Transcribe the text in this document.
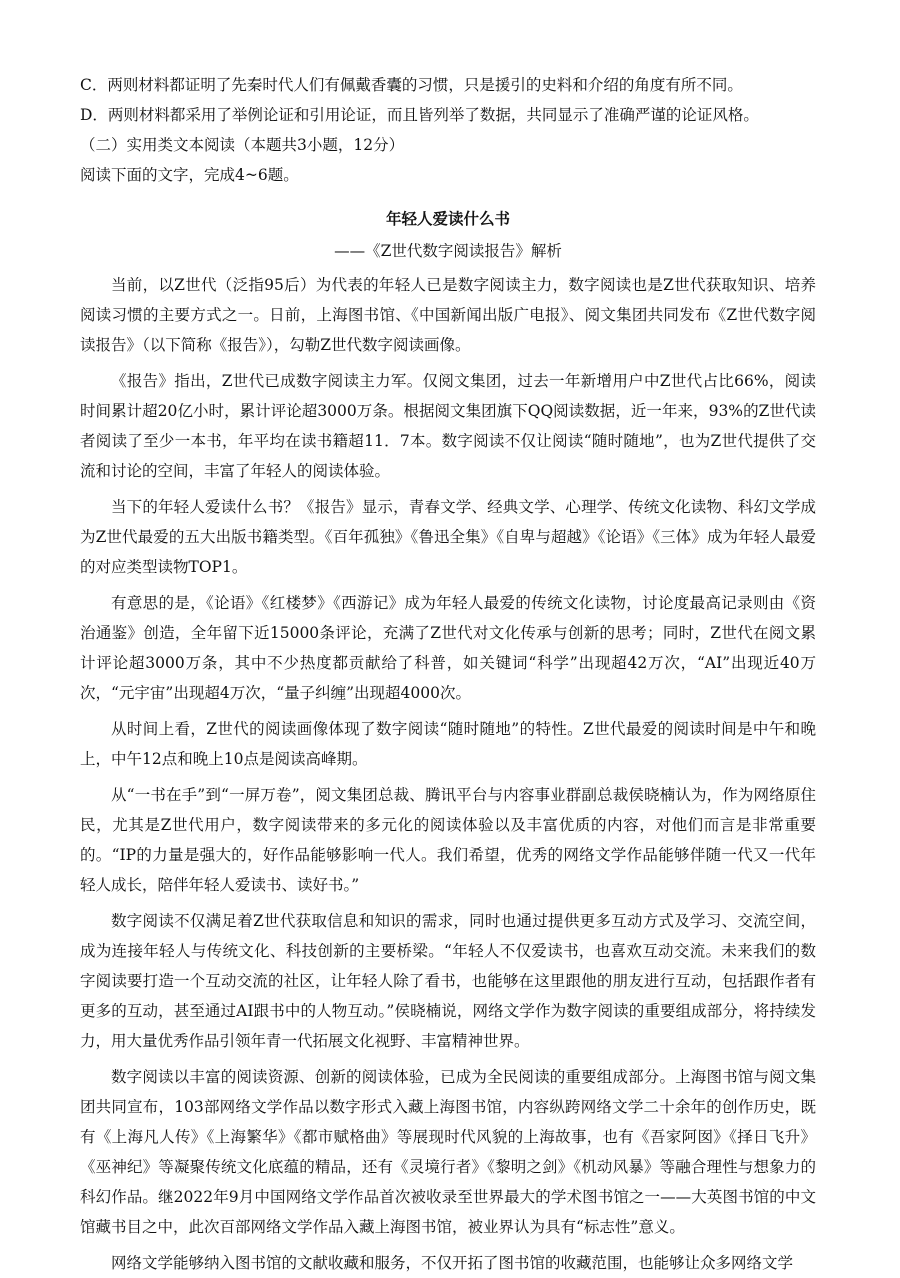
C．两则材料都证明了先秦时代人们有佩戴香囊的习惯，只是援引的史料和介绍的角度有所不同。

D．两则材料都采用了举例论证和引用论证，而且皆列举了数据，共同显示了准确严谨的论证风格。

（二）实用类文本阅读（本题共3小题，12分）

阅读下面的文字，完成4~6题。

年轻人爱读什么书

——《Z世代数字阅读报告》解析

当前，以Z世代（泛指95后）为代表的年轻人已是数字阅读主力，数字阅读也是Z世代获取知识、培养阅读习惯的主要方式之一。日前，上海图书馆、《中国新闻出版广电报》、阅文集团共同发布《Z世代数字阅读报告》（以下简称《报告》），勾勒Z世代数字阅读画像。

《报告》指出，Z世代已成数字阅读主力军。仅阅文集团，过去一年新增用户中Z世代占比66%，阅读时间累计超20亿小时，累计评论超3000万条。根据阅文集团旗下QQ阅读数据，近一年来，93%的Z世代读者阅读了至少一本书，年平均在读书籍超11．7本。数字阅读不仅让阅读“随时随地”，也为Z世代提供了交流和讨论的空间，丰富了年轻人的阅读体验。

当下的年轻人爱读什么书？《报告》显示，青春文学、经典文学、心理学、传统文化读物、科幻文学成为Z世代最爱的五大出版书籍类型。《百年孤独》《鲁迅全集》《自卑与超越》《论语》《三体》成为年轻人最爱的对应类型读物TOP1。

有意思的是，《论语》《红楼梦》《西游记》成为年轻人最爱的传统文化读物，讨论度最高记录则由《资治通鉴》创造，全年留下近15000条评论，充满了Z世代对文化传承与创新的思考；同时，Z世代在阅文累计评论超3000万条，其中不少热度都贡献给了科普，如关键词“科学”出现超42万次，“AI”出现近40万次，“元宇宙”出现超4万次，“量子纠缠”出现超4000次。

从时间上看，Z世代的阅读画像体现了数字阅读“随时随地”的特性。Z世代最爱的阅读时间是中午和晚上，中午12点和晚上10点是阅读高峰期。

从“一书在手”到“一屏万卷”，阅文集团总裁、腾讯平台与内容事业群副总裁侯晓楠认为，作为网络原住民，尤其是Z世代用户，数字阅读带来的多元化的阅读体验以及丰富优质的内容，对他们而言是非常重要的。“IP的力量是强大的，好作品能够影响一代人。我们希望，优秀的网络文学作品能够伴随一代又一代年轻人成长，陪伴年轻人爱读书、读好书。”

数字阅读不仅满足着Z世代获取信息和知识的需求，同时也通过提供更多互动方式及学习、交流空间，成为连接年轻人与传统文化、科技创新的主要桥梁。“年轻人不仅爱读书，也喜欢互动交流。未来我们的数字阅读要打造一个互动交流的社区，让年轻人除了看书，也能够在这里跟他的朋友进行互动，包括跟作者有更多的互动，甚至通过AI跟书中的人物互动。”侯晓楠说，网络文学作为数字阅读的重要组成部分，将持续发力，用大量优秀作品引领年青一代拓展文化视野、丰富精神世界。

数字阅读以丰富的阅读资源、创新的阅读体验，已成为全民阅读的重要组成部分。上海图书馆与阅文集团共同宣布，103部网络文学作品以数字形式入藏上海图书馆，内容纵跨网络文学二十余年的创作历史，既有《上海凡人传》《上海繁华》《都市赋格曲》等展现时代风貌的上海故事，也有《吾家阿囡》《择日飞升》《巫神纪》等凝聚传统文化底蕴的精品，还有《灵境行者》《黎明之剑》《机动风暴》等融合理性与想象力的科幻作品。继2022年9月中国网络文学作品首次被收录至世界最大的学术图书馆之一——大英图书馆的中文馆藏书目之中，此次百部网络文学作品入藏上海图书馆，被业界认为具有“标志性”意义。

网络文学能够纳入图书馆的文献收藏和服务，不仅开拓了图书馆的收藏范围，也能够让众多网络文学
